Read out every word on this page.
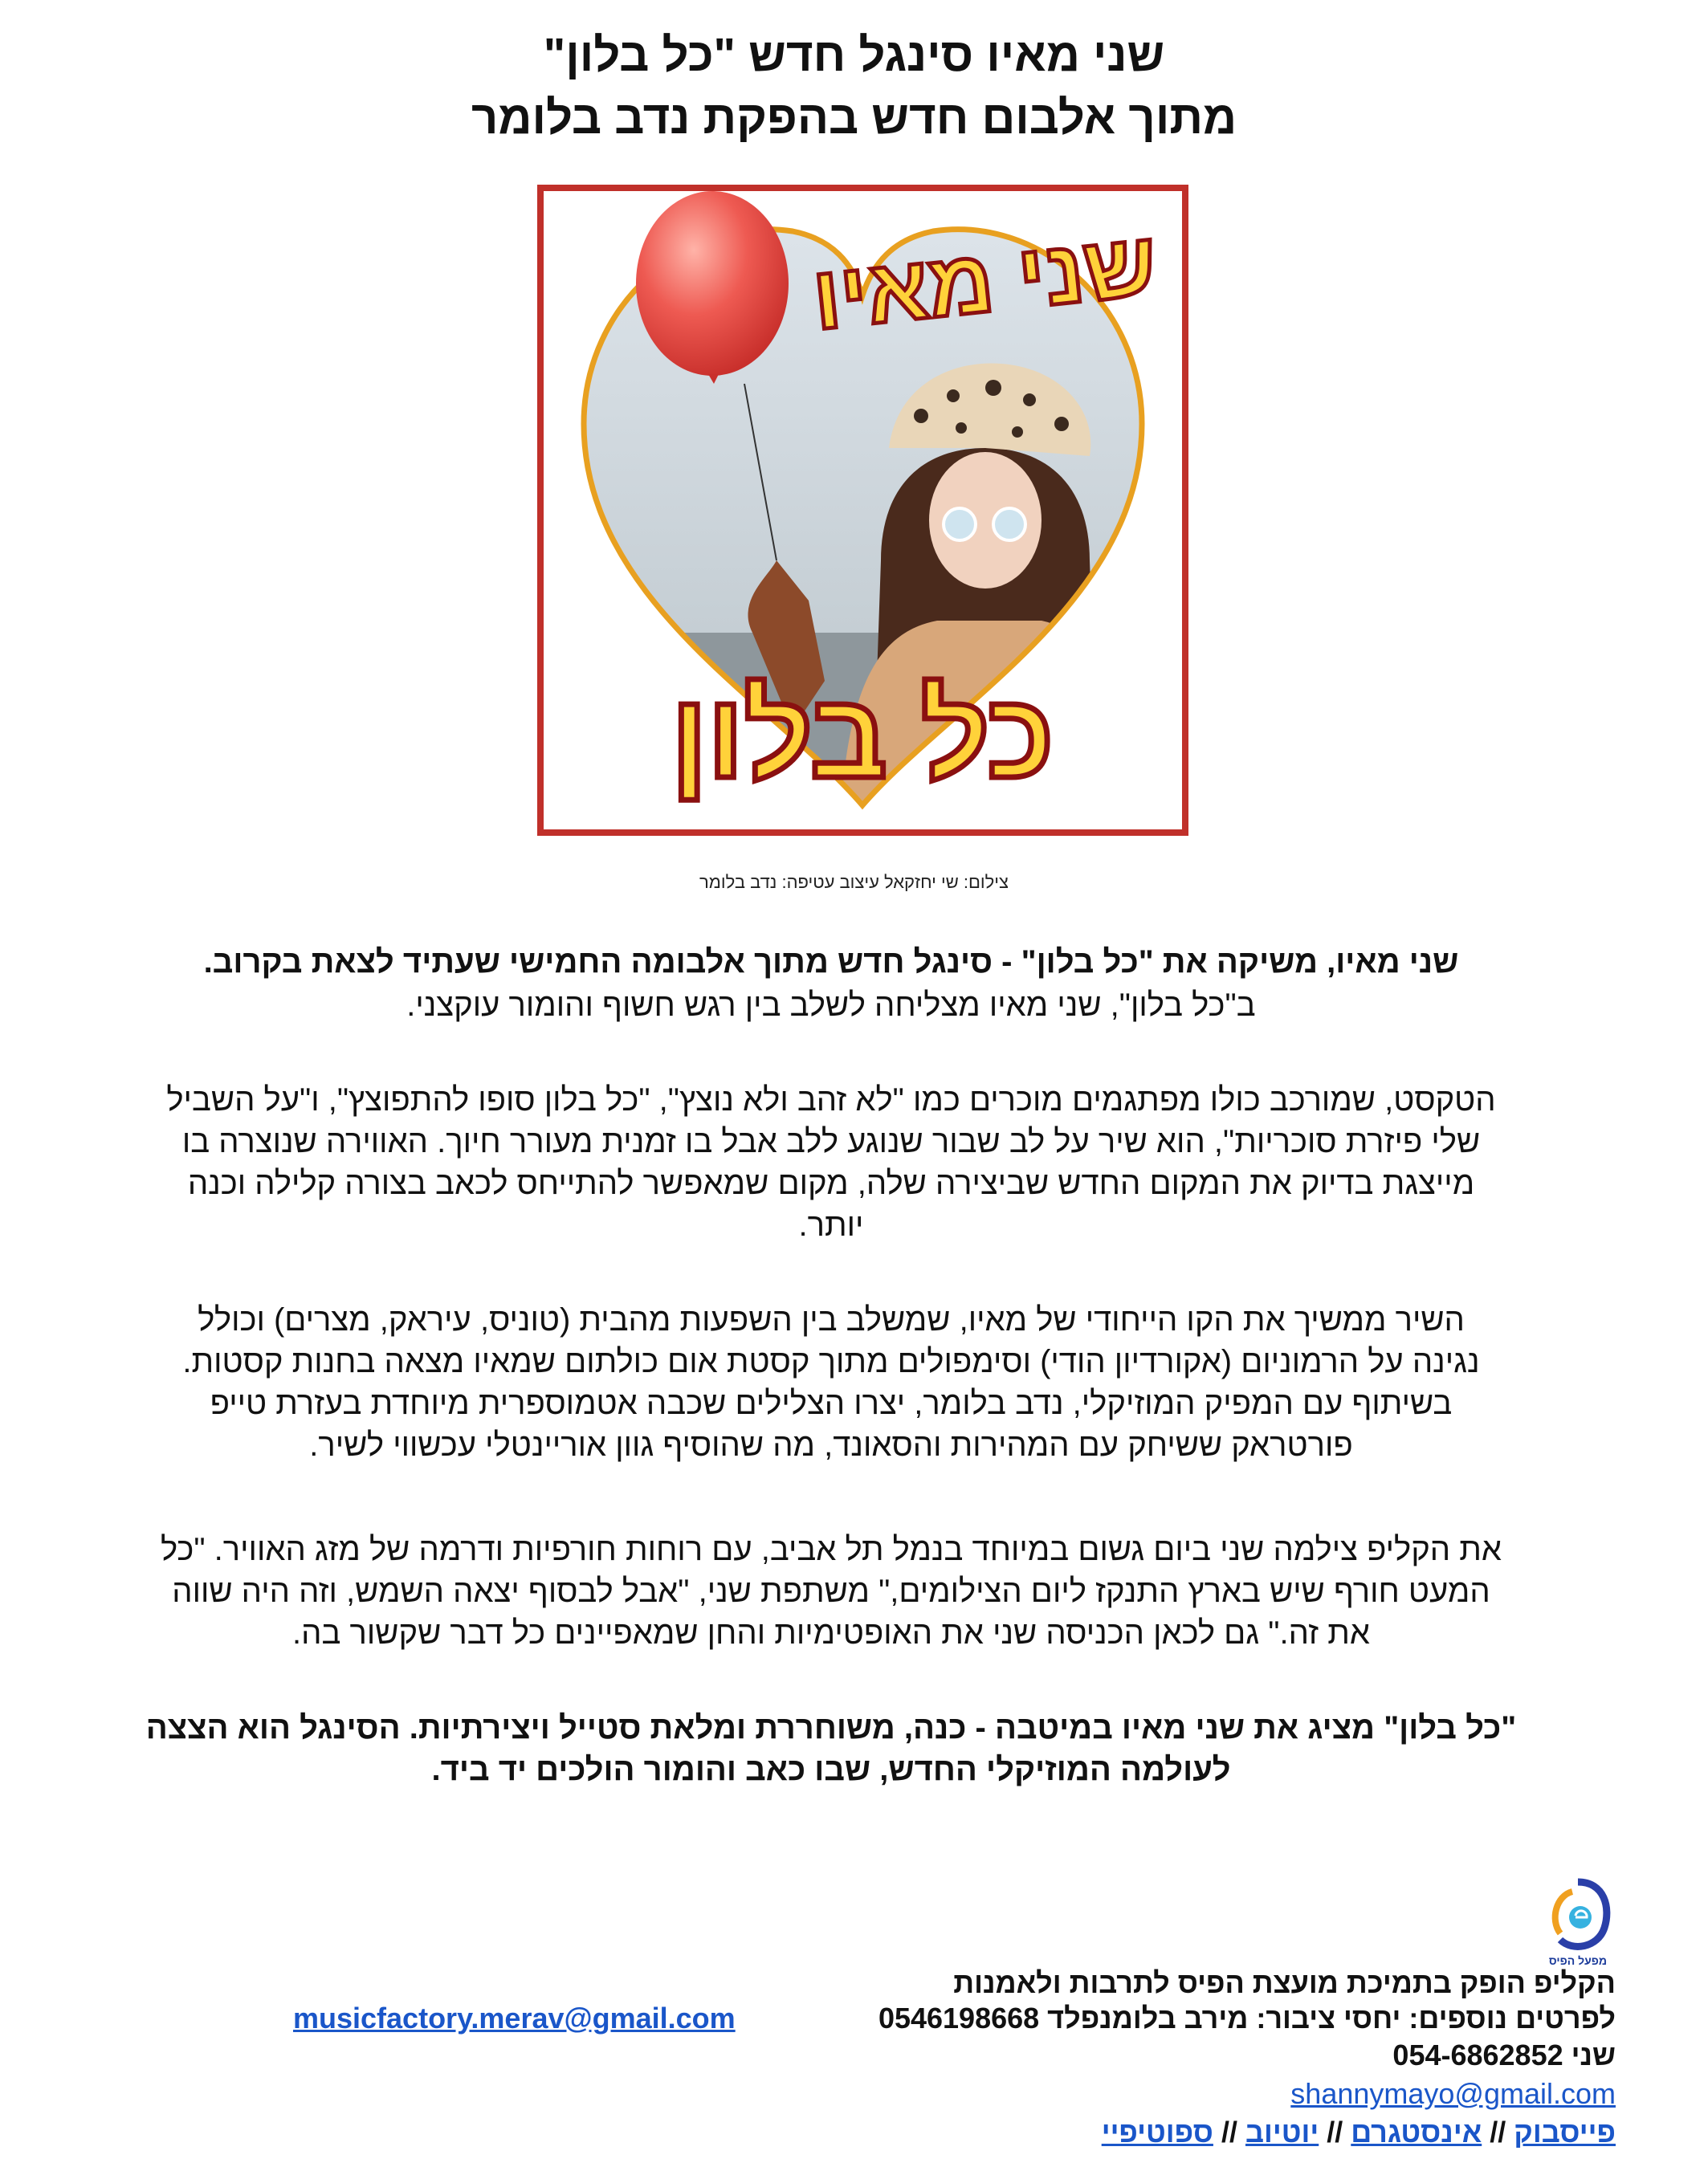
שני מאיו סינגל חדש "כל בלון"
מתוך אלבום חדש בהפקת נדב בלומר
שני מאיו
כל בלון
צילום: שי יחזקאל עיצוב עטיפה: נדב בלומר

שני מאיו, משיקה את "כל בלון" - סינגל חדש מתוך אלבומה החמישי שעתיד לצאת בקרוב.

ב"כל בלון", שני מאיו מצליחה לשלב בין רגש חשוף והומור עוקצני.

הטקסט, שמורכב כולו מפתגמים מוכרים כמו "לא זהב ולא נוצץ", "כל בלון סופו להתפוצץ", ו"על השביל
שלי פיזרת סוכריות", הוא שיר על לב שבור שנוגע ללב אבל בו זמנית מעורר חיוך. האווירה שנוצרה בו
מייצגת בדיוק את המקום החדש שביצירה שלה, מקום שמאפשר להתייחס לכאב בצורה קלילה וכנה
יותר.
השיר ממשיך את הקו הייחודי של מאיו, שמשלב בין השפעות מהבית (טוניס, עיראק, מצרים) וכולל
נגינה על הרמוניום (אקורדיון הודי) וסימפולים מתוך קסטת אום כולתום שמאיו מצאה בחנות קסטות.
בשיתוף עם המפיק המוזיקלי, נדב בלומר, יצרו הצלילים שכבה אטמוספרית מיוחדת בעזרת טייפ
פורטראק ששיחק עם המהירות והסאונד, מה שהוסיף גוון אוריינטלי עכשווי לשיר.
את הקליפ צילמה שני ביום גשום במיוחד בנמל תל אביב, עם רוחות חורפיות ודרמה של מזג האוויר. "כל
המעט חורף שיש בארץ התנקז ליום הצילומים," משתפת שני, "אבל לבסוף יצאה השמש, וזה היה שווה
את זה." גם לכאן הכניסה שני את האופטימיות והחן שמאפיינים כל דבר שקשור בה.
"כל בלון" מציג את שני מאיו במיטבה - כנה, משוחררת ומלאת סטייל ויצירתיות. הסינגל הוא הצצה
לעולמה המוזיקלי החדש, שבו כאב והומור הולכים יד ביד.
מפעל הפיס
הקליפ הופק בתמיכת מועצת הפיס לתרבות ולאמנות
לפרטים נוספים: יחסי ציבור: מירב בלומנפלד 0546198668
musicfactory.merav@gmail.com
שני 054-6862852
shannymayo@gmail.com
פייסבוק // אינסטגרם // יוטיוב // ספוטיפיי
